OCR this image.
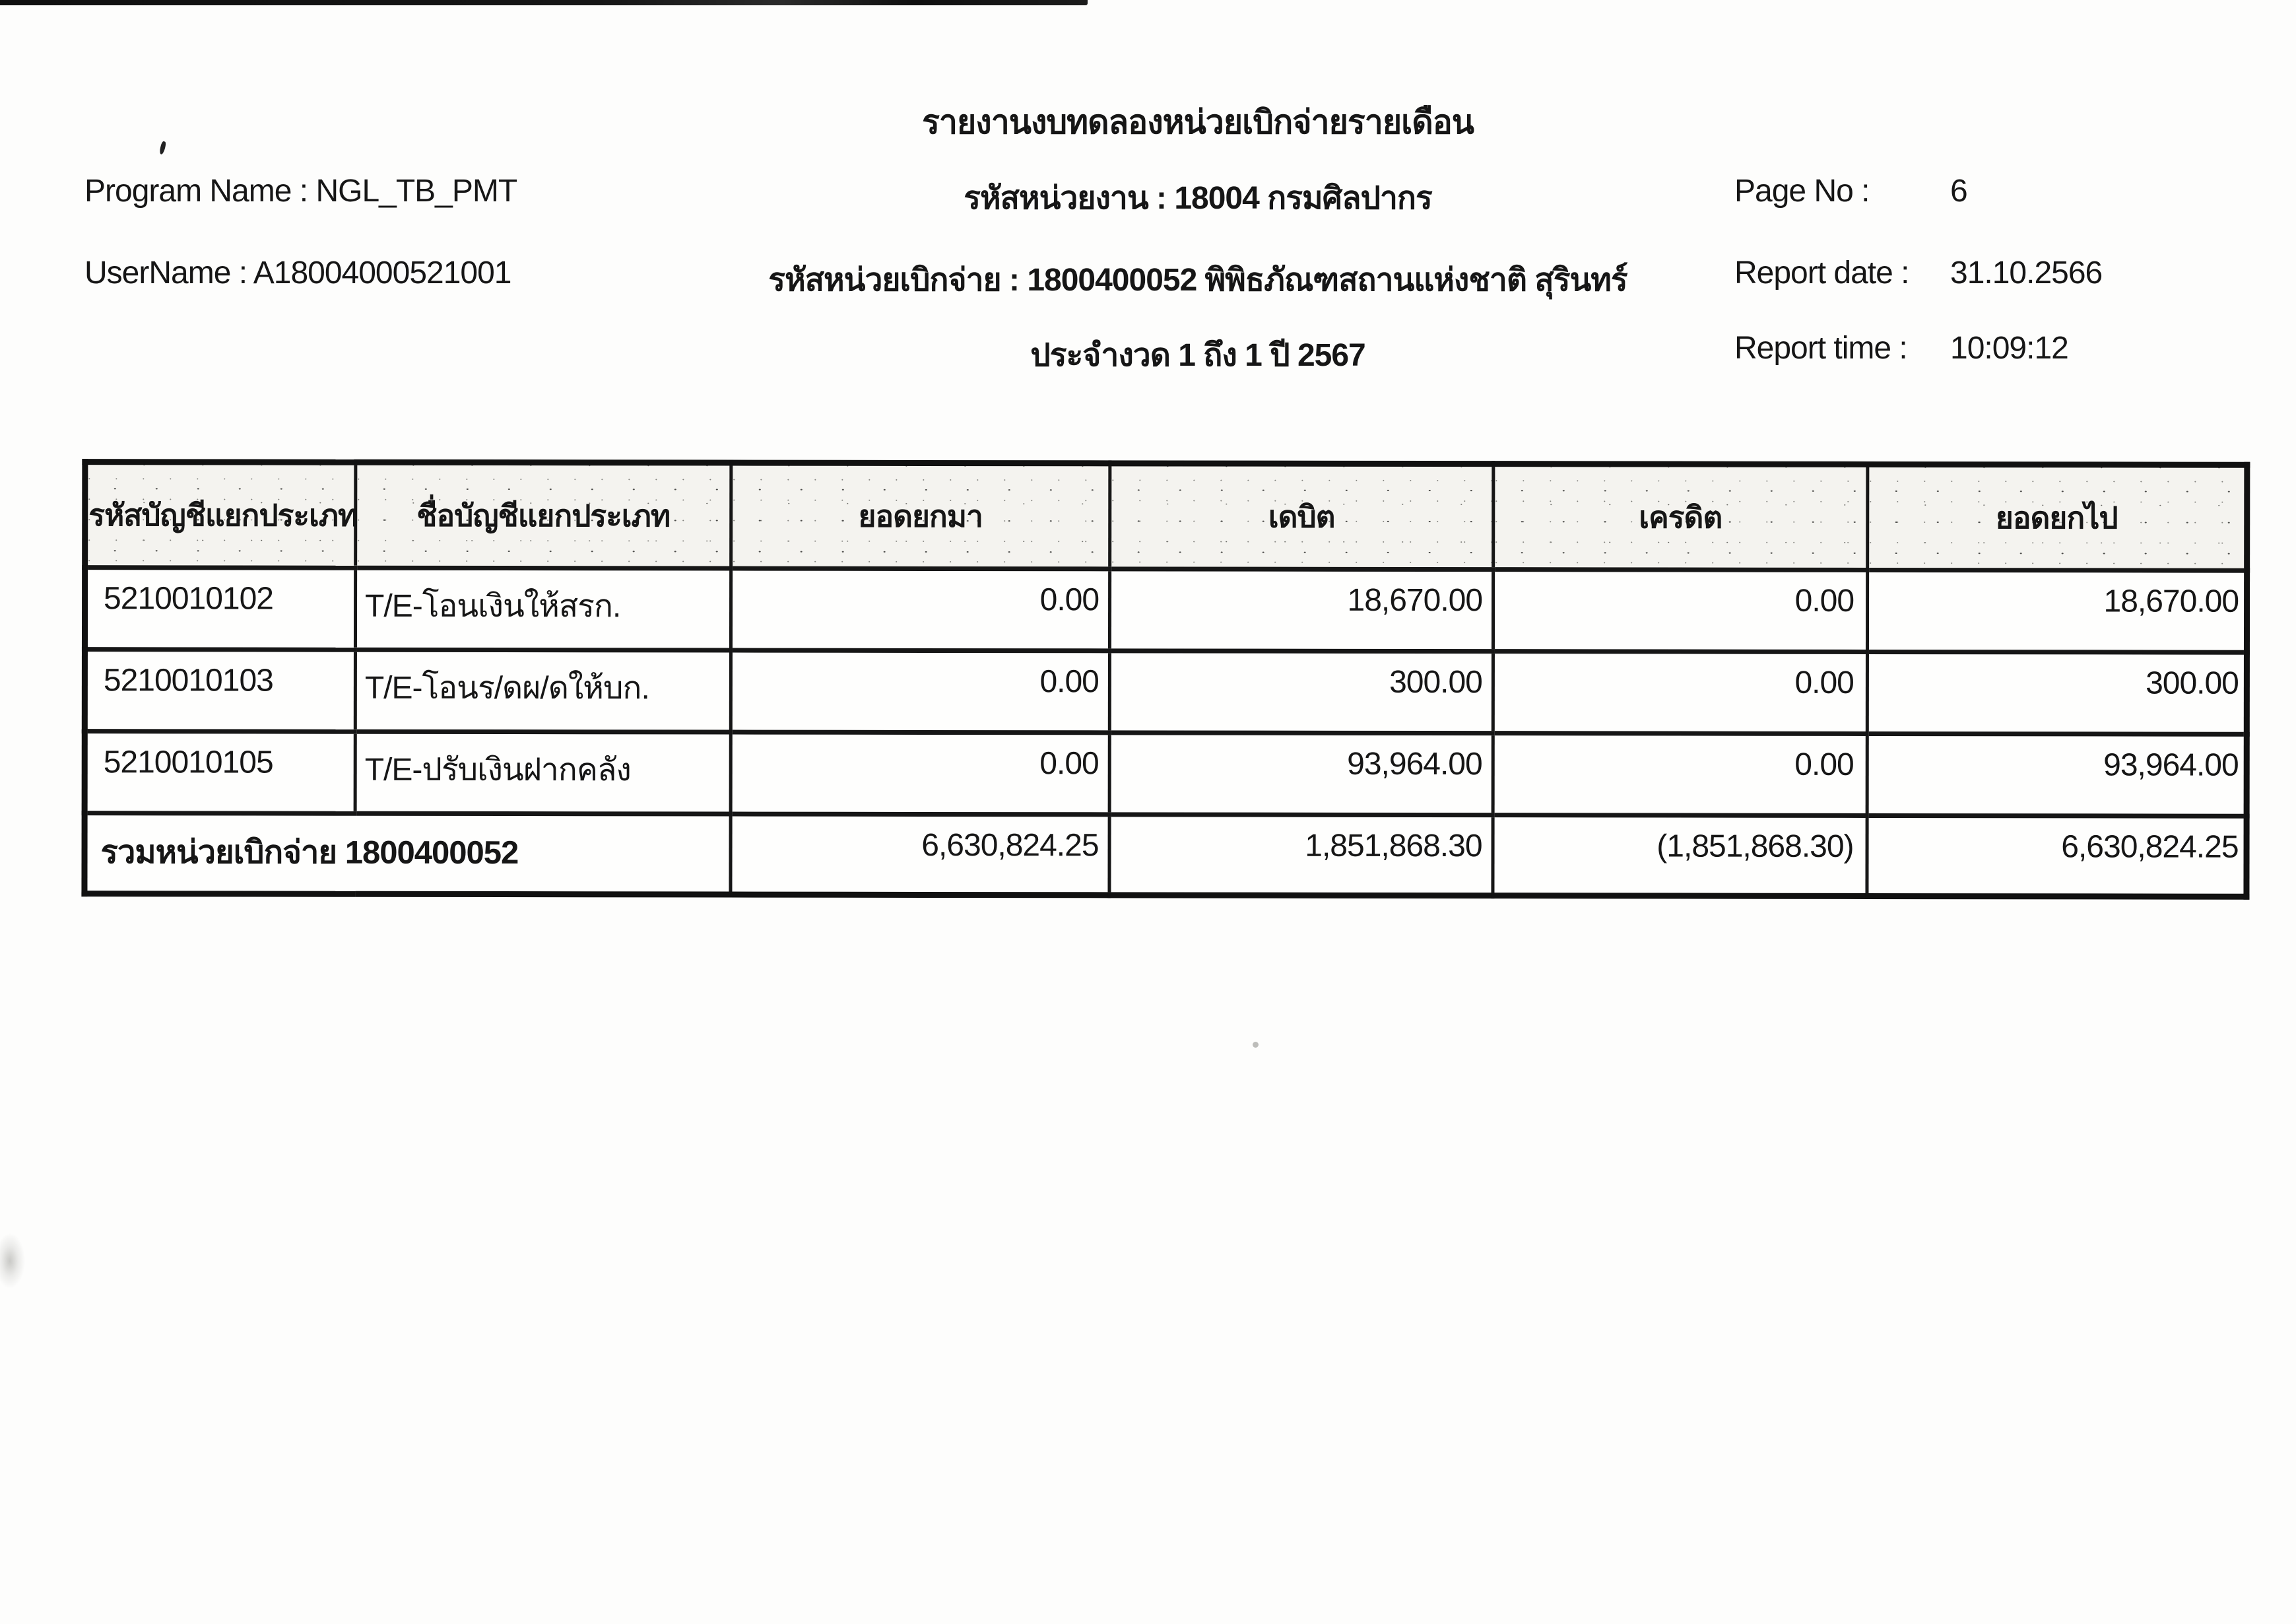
รายงานงบทดลองหน่วยเบิกจ่ายรายเดือน
Program Name : NGL_TB_PMT
UserName : A18004000521001
รหัสหน่วยงาน : 18004 กรมศิลปากร
รหัสหน่วยเบิกจ่าย : 1800400052 พิพิธภัณฑสถานแห่งชาติ สุรินทร์
ประจำงวด 1 ถึง 1 ปี 2567
Page No :	6
Report date : 31.10.2566
Report time : 10:09:12
รหัสบัญชีแยกประเภท	ชื่อบัญชีแยกประเภท	ยอดยกมา	เดบิต	เครดิต	ยอดยกไป
5210010102	T/E-โอนเงินให้สรก.	0.00	18,670.00	0.00	18,670.00
5210010103	T/E-โอนร/ดผ/ดให้บก.	0.00	300.00	0.00	300.00
5210010105	T/E-ปรับเงินฝากคลัง	0.00	93,964.00	0.00	93,964.00
รวมหน่วยเบิกจ่าย 1800400052		6,630,824.25	1,851,868.30	(1,851,868.30)	6,630,824.25
